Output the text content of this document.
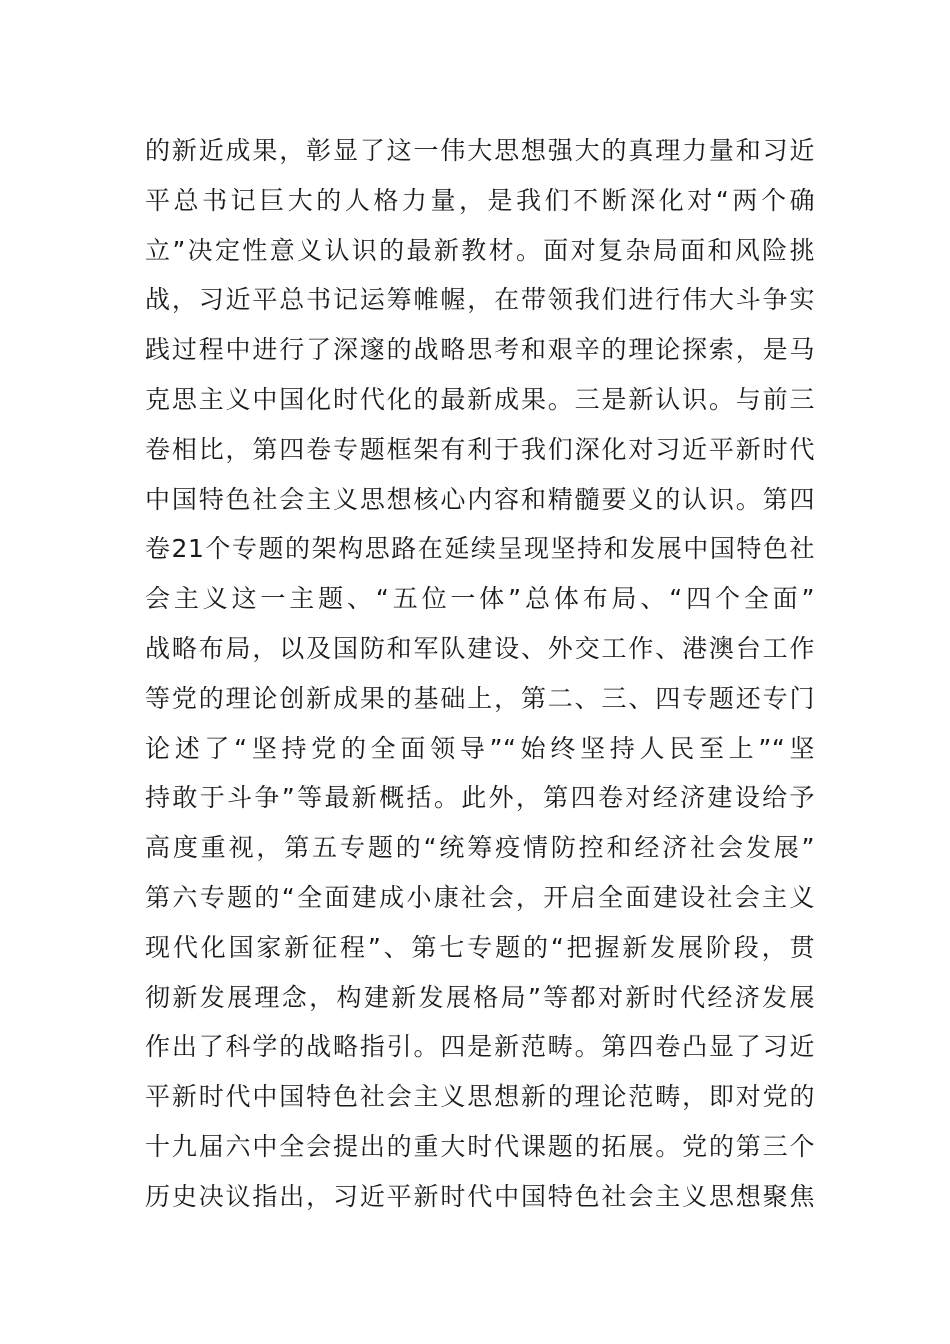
的新近成果，彰显了这一伟大思想强大的真理力量和习近
平总书记巨大的人格力量，是我们不断深化对“两个确
立”决定性意义认识的最新教材。面对复杂局面和风险挑
战，习近平总书记运筹帷幄，在带领我们进行伟大斗争实
践过程中进行了深邃的战略思考和艰辛的理论探索，是马
克思主义中国化时代化的最新成果。三是新认识。与前三
卷相比，第四卷专题框架有利于我们深化对习近平新时代
中国特色社会主义思想核心内容和精髓要义的认识。第四
卷21个专题的架构思路在延续呈现坚持和发展中国特色社
会主义这一主题、“五位一体”总体布局、“四个全面”
战略布局，以及国防和军队建设、外交工作、港澳台工作
等党的理论创新成果的基础上，第二、三、四专题还专门
论述了“坚持党的全面领导”“始终坚持人民至上”“坚
持敢于斗争”等最新概括。此外，第四卷对经济建设给予
高度重视，第五专题的“统筹疫情防控和经济社会发展”
第六专题的“全面建成小康社会，开启全面建设社会主义
现代化国家新征程”、第七专题的“把握新发展阶段，贯
彻新发展理念，构建新发展格局”等都对新时代经济发展
作出了科学的战略指引。四是新范畴。第四卷凸显了习近
平新时代中国特色社会主义思想新的理论范畴，即对党的
十九届六中全会提出的重大时代课题的拓展。党的第三个
历史决议指出，习近平新时代中国特色社会主义思想聚焦
